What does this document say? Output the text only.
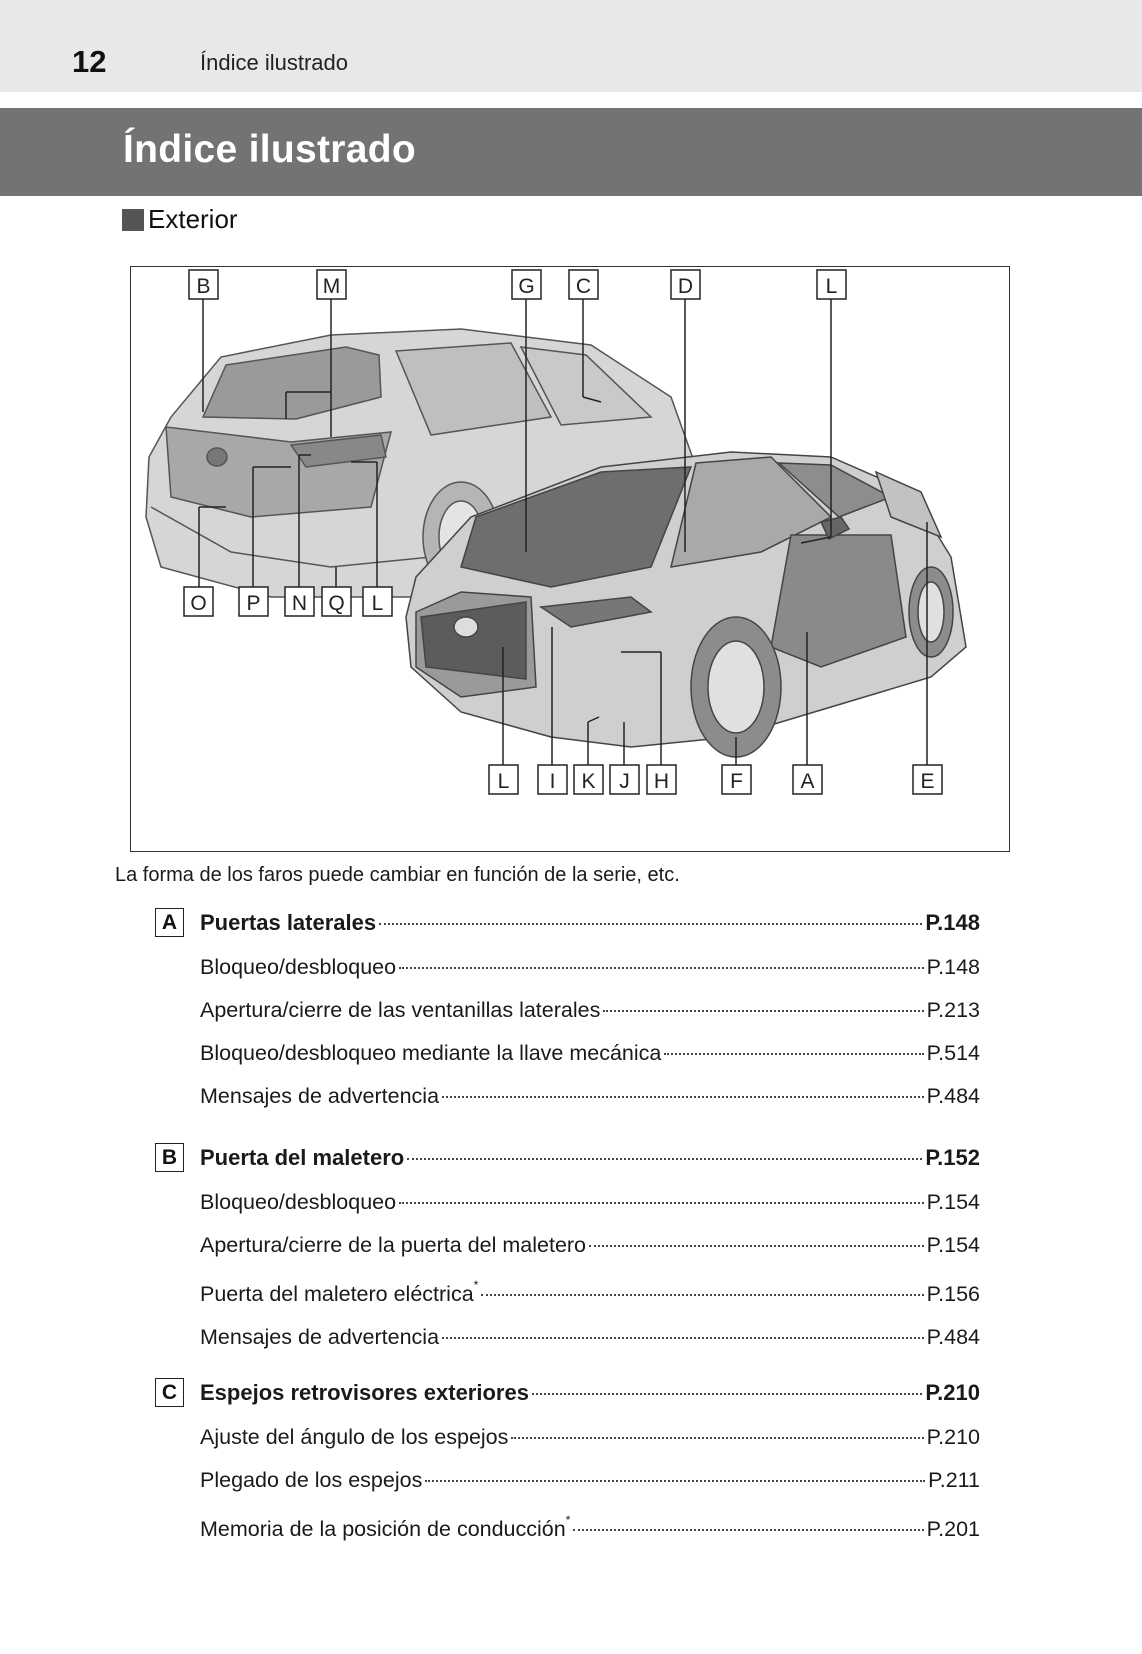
12	Índice ilustrado
Índice ilustrado
Exterior
B	M	G C	D	L
O P N Q L
L I K J H	F	A	E
La forma de los faros puede cambiar en función de la serie, etc.
A	Puertas laterales	P.148
Bloqueo/desbloqueo	P.148
Apertura/cierre de las ventanillas laterales	P.213
Bloqueo/desbloqueo mediante la llave mecánica	P.514
Mensajes de advertencia	P.484
B	Puerta del maletero	P.152
Bloqueo/desbloqueo	P.154
Apertura/cierre de la puerta del maletero	P.154
Puerta del maletero eléctrica*	P.156
Mensajes de advertencia	P.484
C	Espejos retrovisores exteriores	P.210
Ajuste del ángulo de los espejos	P.210
Plegado de los espejos	P.211
Memoria de la posición de conducción*	P.201
